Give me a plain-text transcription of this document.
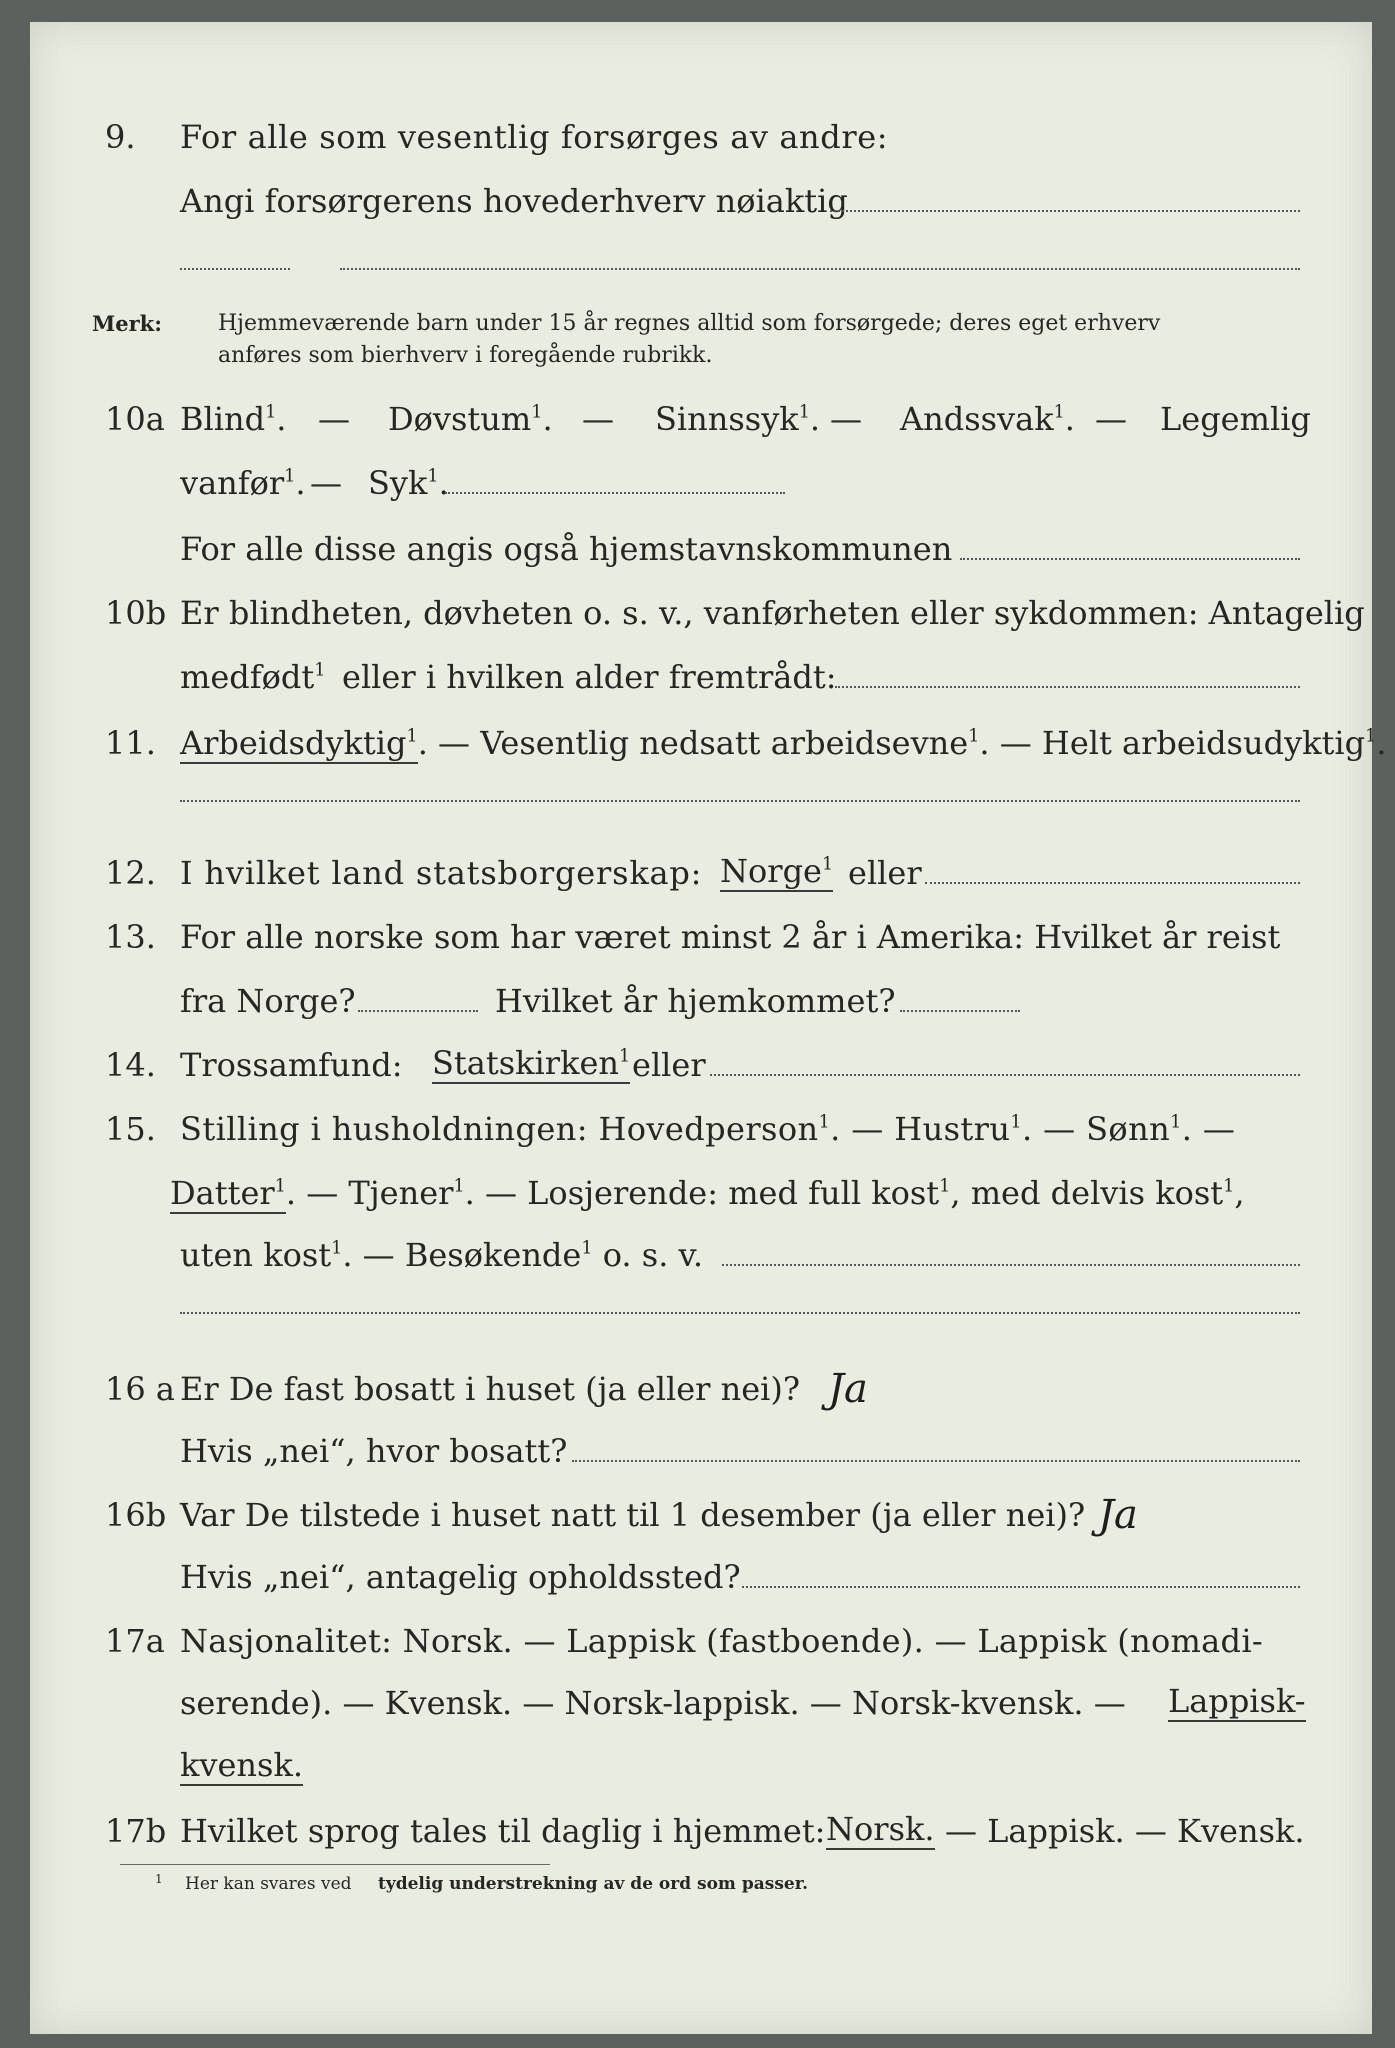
9. For alle som vesentlig forsørges av andre:
Angi forsørgerens hovederhverv nøiaktig
Merk:	Hjemmeværende barn under 15 år regnes alltid som forsørgede; deres eget erhverv
anføres som bierhverv i foregående rubrikk.
10a Blind$^1$. — Døvstum$^1$. — Sinnssyk$^1$. — Andssvak$^1$. — Legemlig
vanfør$^1$. — Syk$^1$.
For alle disse angis også hjemstavnskommunen
10b Er blindheten, døvheten o. s. v., vanførheten eller sykdommen: Antagelig
medfødt$^1$ eller i hvilken alder fremtrådt:
11. Arbeidsdyktig$^1$. — Vesentlig nedsatt arbeidsevne$^1$. — Helt arbeidsudyktig$^1$.
12. I hvilket land statsborgerskap: Norge$^1$ eller
13. For alle norske som har været minst 2 år i Amerika: Hvilket år reist
fra Norge?	Hvilket år hjemkommet?
14. Trossamfund: Statskirken$^1$ eller
15. Stilling i husholdningen: Hovedperson$^1$. — Hustru$^1$. — Sønn$^1$. —
Datter$^1$. — Tjener$^1$. — Losjerende: med full kost$^1$, med delvis kost$^1$,
uten kost$^1$. — Besøkende$^1$ o. s. v.
16 a Er De fast bosatt i huset (ja eller nei)? Ja
Hvis „nei“, hvor bosatt?
16b Var De tilstede i huset natt til 1 desember (ja eller nei)? Ja
Hvis „nei“, antagelig opholdssted?
17a Nasjonalitet: Norsk. — Lappisk (fastboende). — Lappisk (nomadi-
serende). — Kvensk. — Norsk-lappisk. — Norsk-kvensk. — Lappisk-
kvensk.
17b Hvilket sprog tales til daglig i hjemmet: Norsk. — Lappisk. — Kvensk.
1 Her kan svares ved tydelig understrekning av de ord som passer.
